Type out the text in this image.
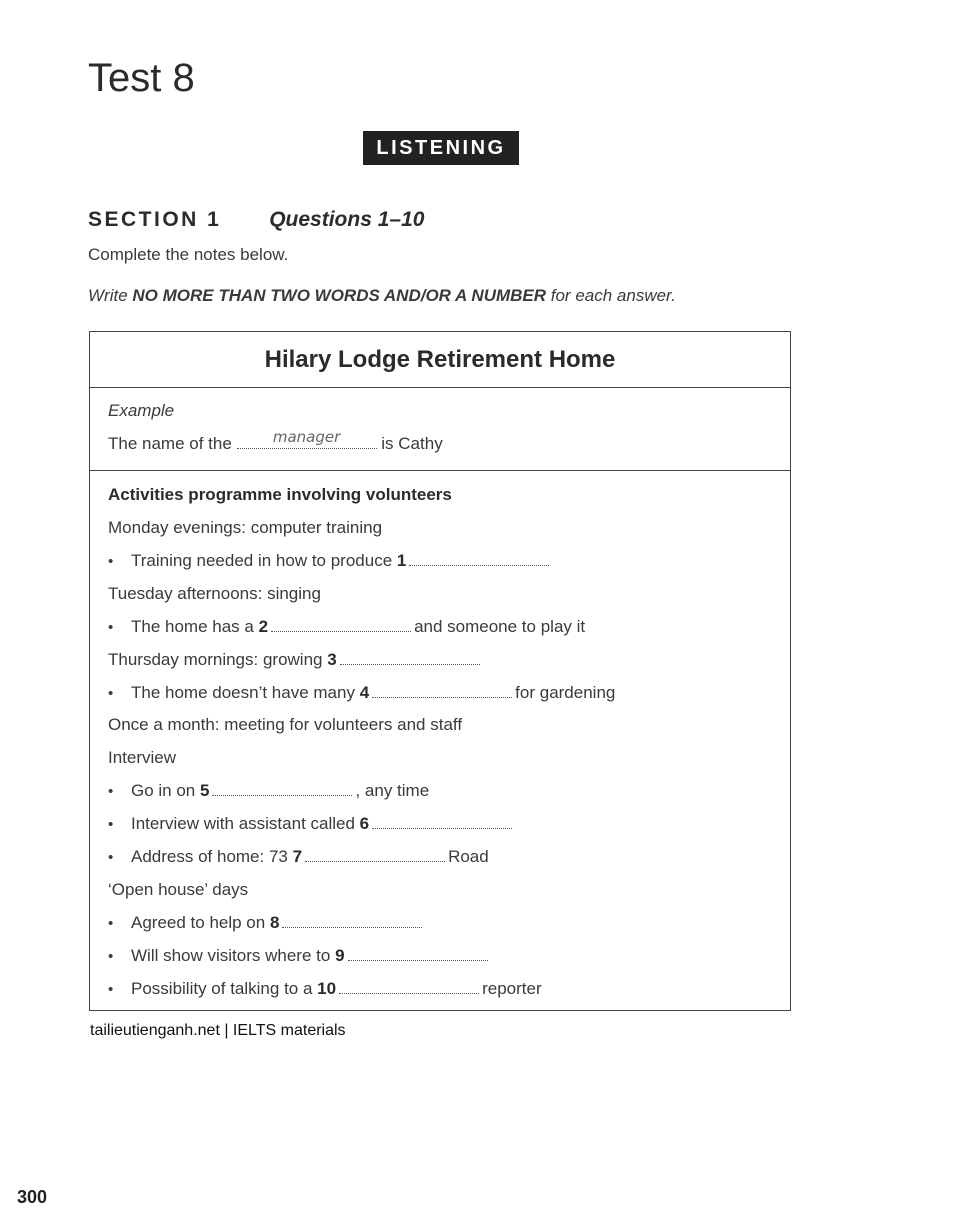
Test 8
LISTENING
SECTION 1 Questions 1–10
Complete the notes below.
Write NO MORE THAN TWO WORDS AND/OR A NUMBER for each answer.
Hilary Lodge Retirement Home
Example
The name of the	manager	is Cathy
Activities programme involving volunteers
Monday evenings: computer training
• Training needed in how to produce 1
Tuesday afternoons: singing
• The home has a 2	and someone to play it
Thursday mornings: growing 3
• The home doesn’t have many 4	for gardening
Once a month: meeting for volunteers and staff
Interview
• Go in on 5	, any time
• Interview with assistant called 6
• Address of home: 73 7	Road
‘Open house’ days
• Agreed to help on 8
• Will show visitors where to 9
• Possibility of talking to a 10	reporter
tailieutienganh.net | IELTS materials
300
